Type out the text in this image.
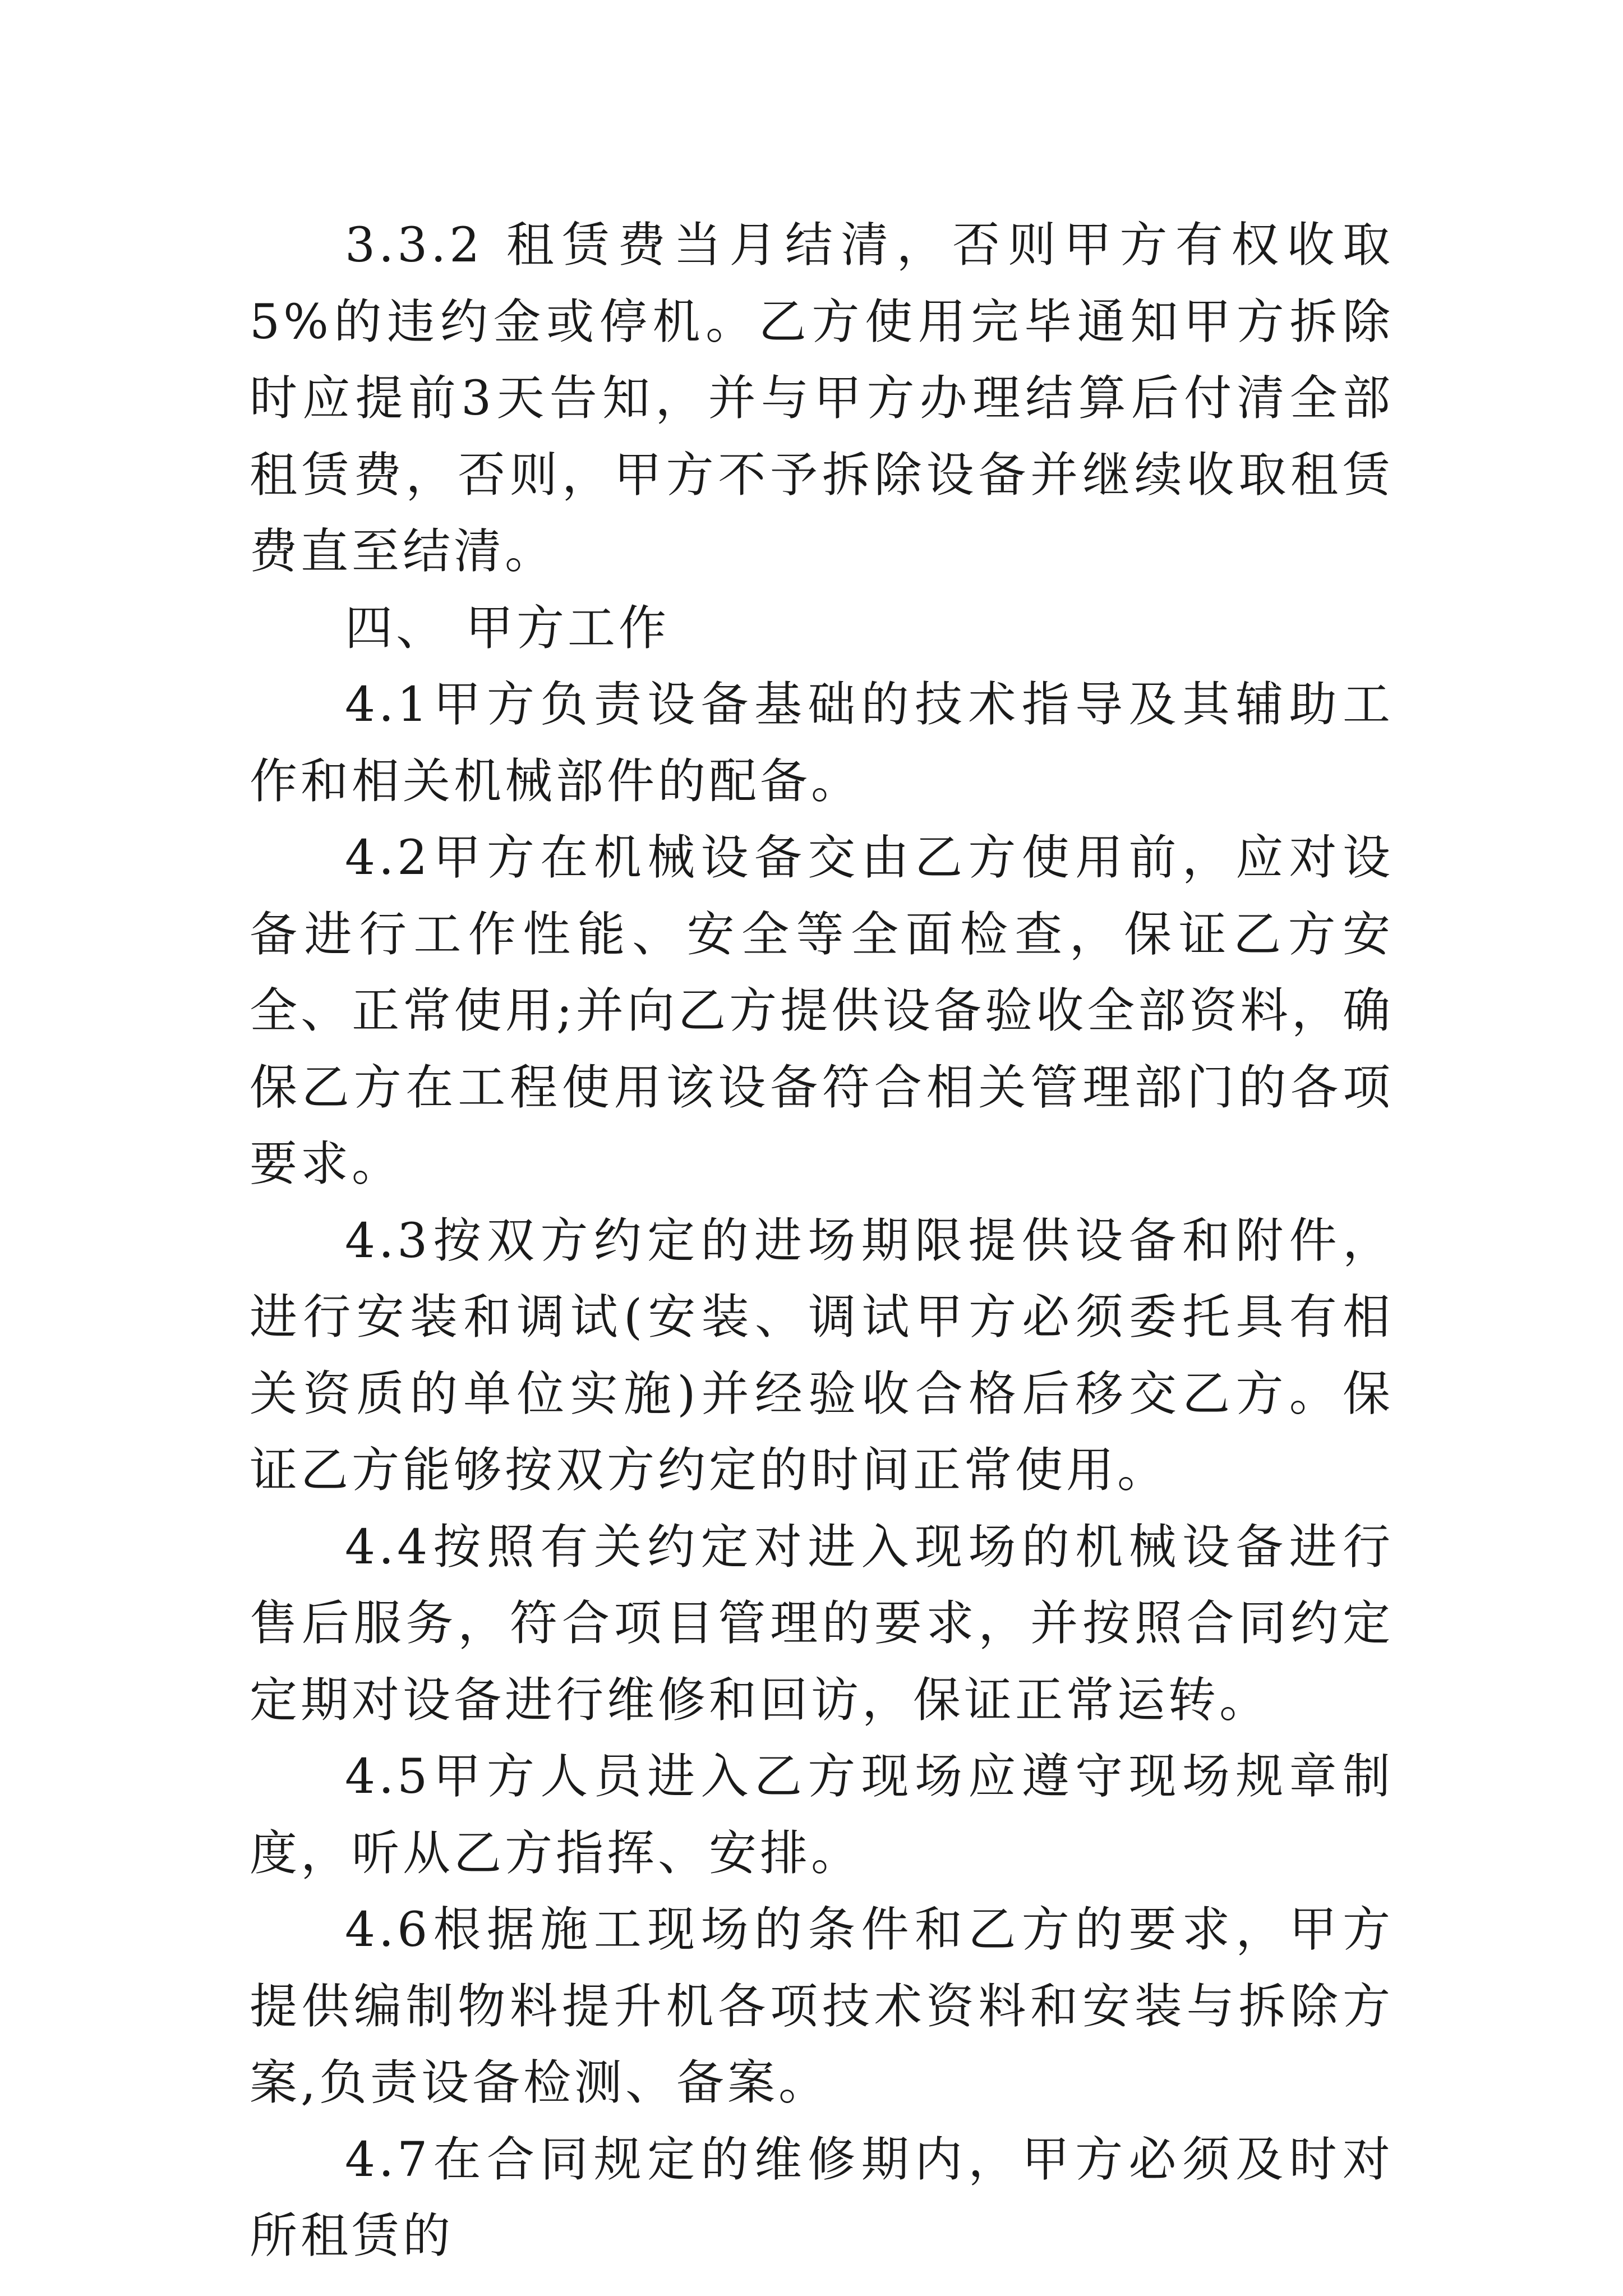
3.3.2 租赁费当月结清，否则甲方有权收取5%的违约金或停机。乙方使用完毕通知甲方拆除时应提前3天告知，并与甲方办理结算后付清全部租赁费，否则，甲方不予拆除设备并继续收取租赁费直至结清。

四、 甲方工作

4.1甲方负责设备基础的技术指导及其辅助工作和相关机械部件的配备。

4.2甲方在机械设备交由乙方使用前，应对设备进行工作性能、安全等全面检查，保证乙方安全、正常使用;并向乙方提供设备验收全部资料，确保乙方在工程使用该设备符合相关管理部门的各项要求。

4.3按双方约定的进场期限提供设备和附件，进行安装和调试(安装、调试甲方必须委托具有相关资质的单位实施)并经验收合格后移交乙方。保证乙方能够按双方约定的时间正常使用。

4.4按照有关约定对进入现场的机械设备进行售后服务，符合项目管理的要求，并按照合同约定定期对设备进行维修和回访，保证正常运转。

4.5甲方人员进入乙方现场应遵守现场规章制度，听从乙方指挥、安排。

4.6根据施工现场的条件和乙方的要求，甲方提供编制物料提升机各项技术资料和安装与拆除方案,负责设备检测、备案。

4.7在合同规定的维修期内，甲方必须及时对所租赁的
